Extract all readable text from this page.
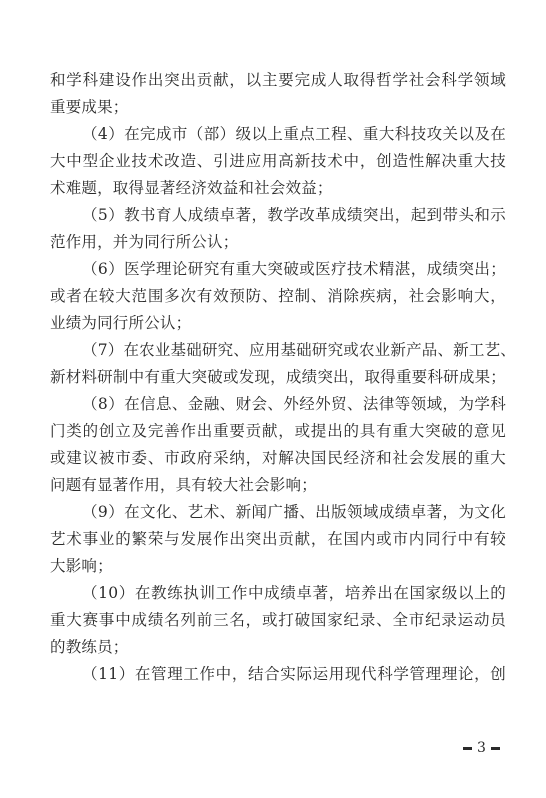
和学科建设作出突出贡献，以主要完成人取得哲学社会科学领域
重要成果；
（4）在完成市（部）级以上重点工程、重大科技攻关以及在
大中型企业技术改造、引进应用高新技术中，创造性解决重大技
术难题，取得显著经济效益和社会效益；
（5）教书育人成绩卓著，教学改革成绩突出，起到带头和示
范作用，并为同行所公认；
（6）医学理论研究有重大突破或医疗技术精湛，成绩突出；
或者在较大范围多次有效预防、控制、消除疾病，社会影响大，
业绩为同行所公认；
（7）在农业基础研究、应用基础研究或农业新产品、新工艺、
新材料研制中有重大突破或发现，成绩突出，取得重要科研成果；
（8）在信息、金融、财会、外经外贸、法律等领域，为学科
门类的创立及完善作出重要贡献，或提出的具有重大突破的意见
或建议被市委、市政府采纳，对解决国民经济和社会发展的重大
问题有显著作用，具有较大社会影响；
（9）在文化、艺术、新闻广播、出版领域成绩卓著，为文化
艺术事业的繁荣与发展作出突出贡献，在国内或市内同行中有较
大影响；
（10）在教练执训工作中成绩卓著，培养出在国家级以上的
重大赛事中成绩名列前三名，或打破国家纪录、全市纪录运动员
的教练员；
（11）在管理工作中，结合实际运用现代科学管理理论，创
3
